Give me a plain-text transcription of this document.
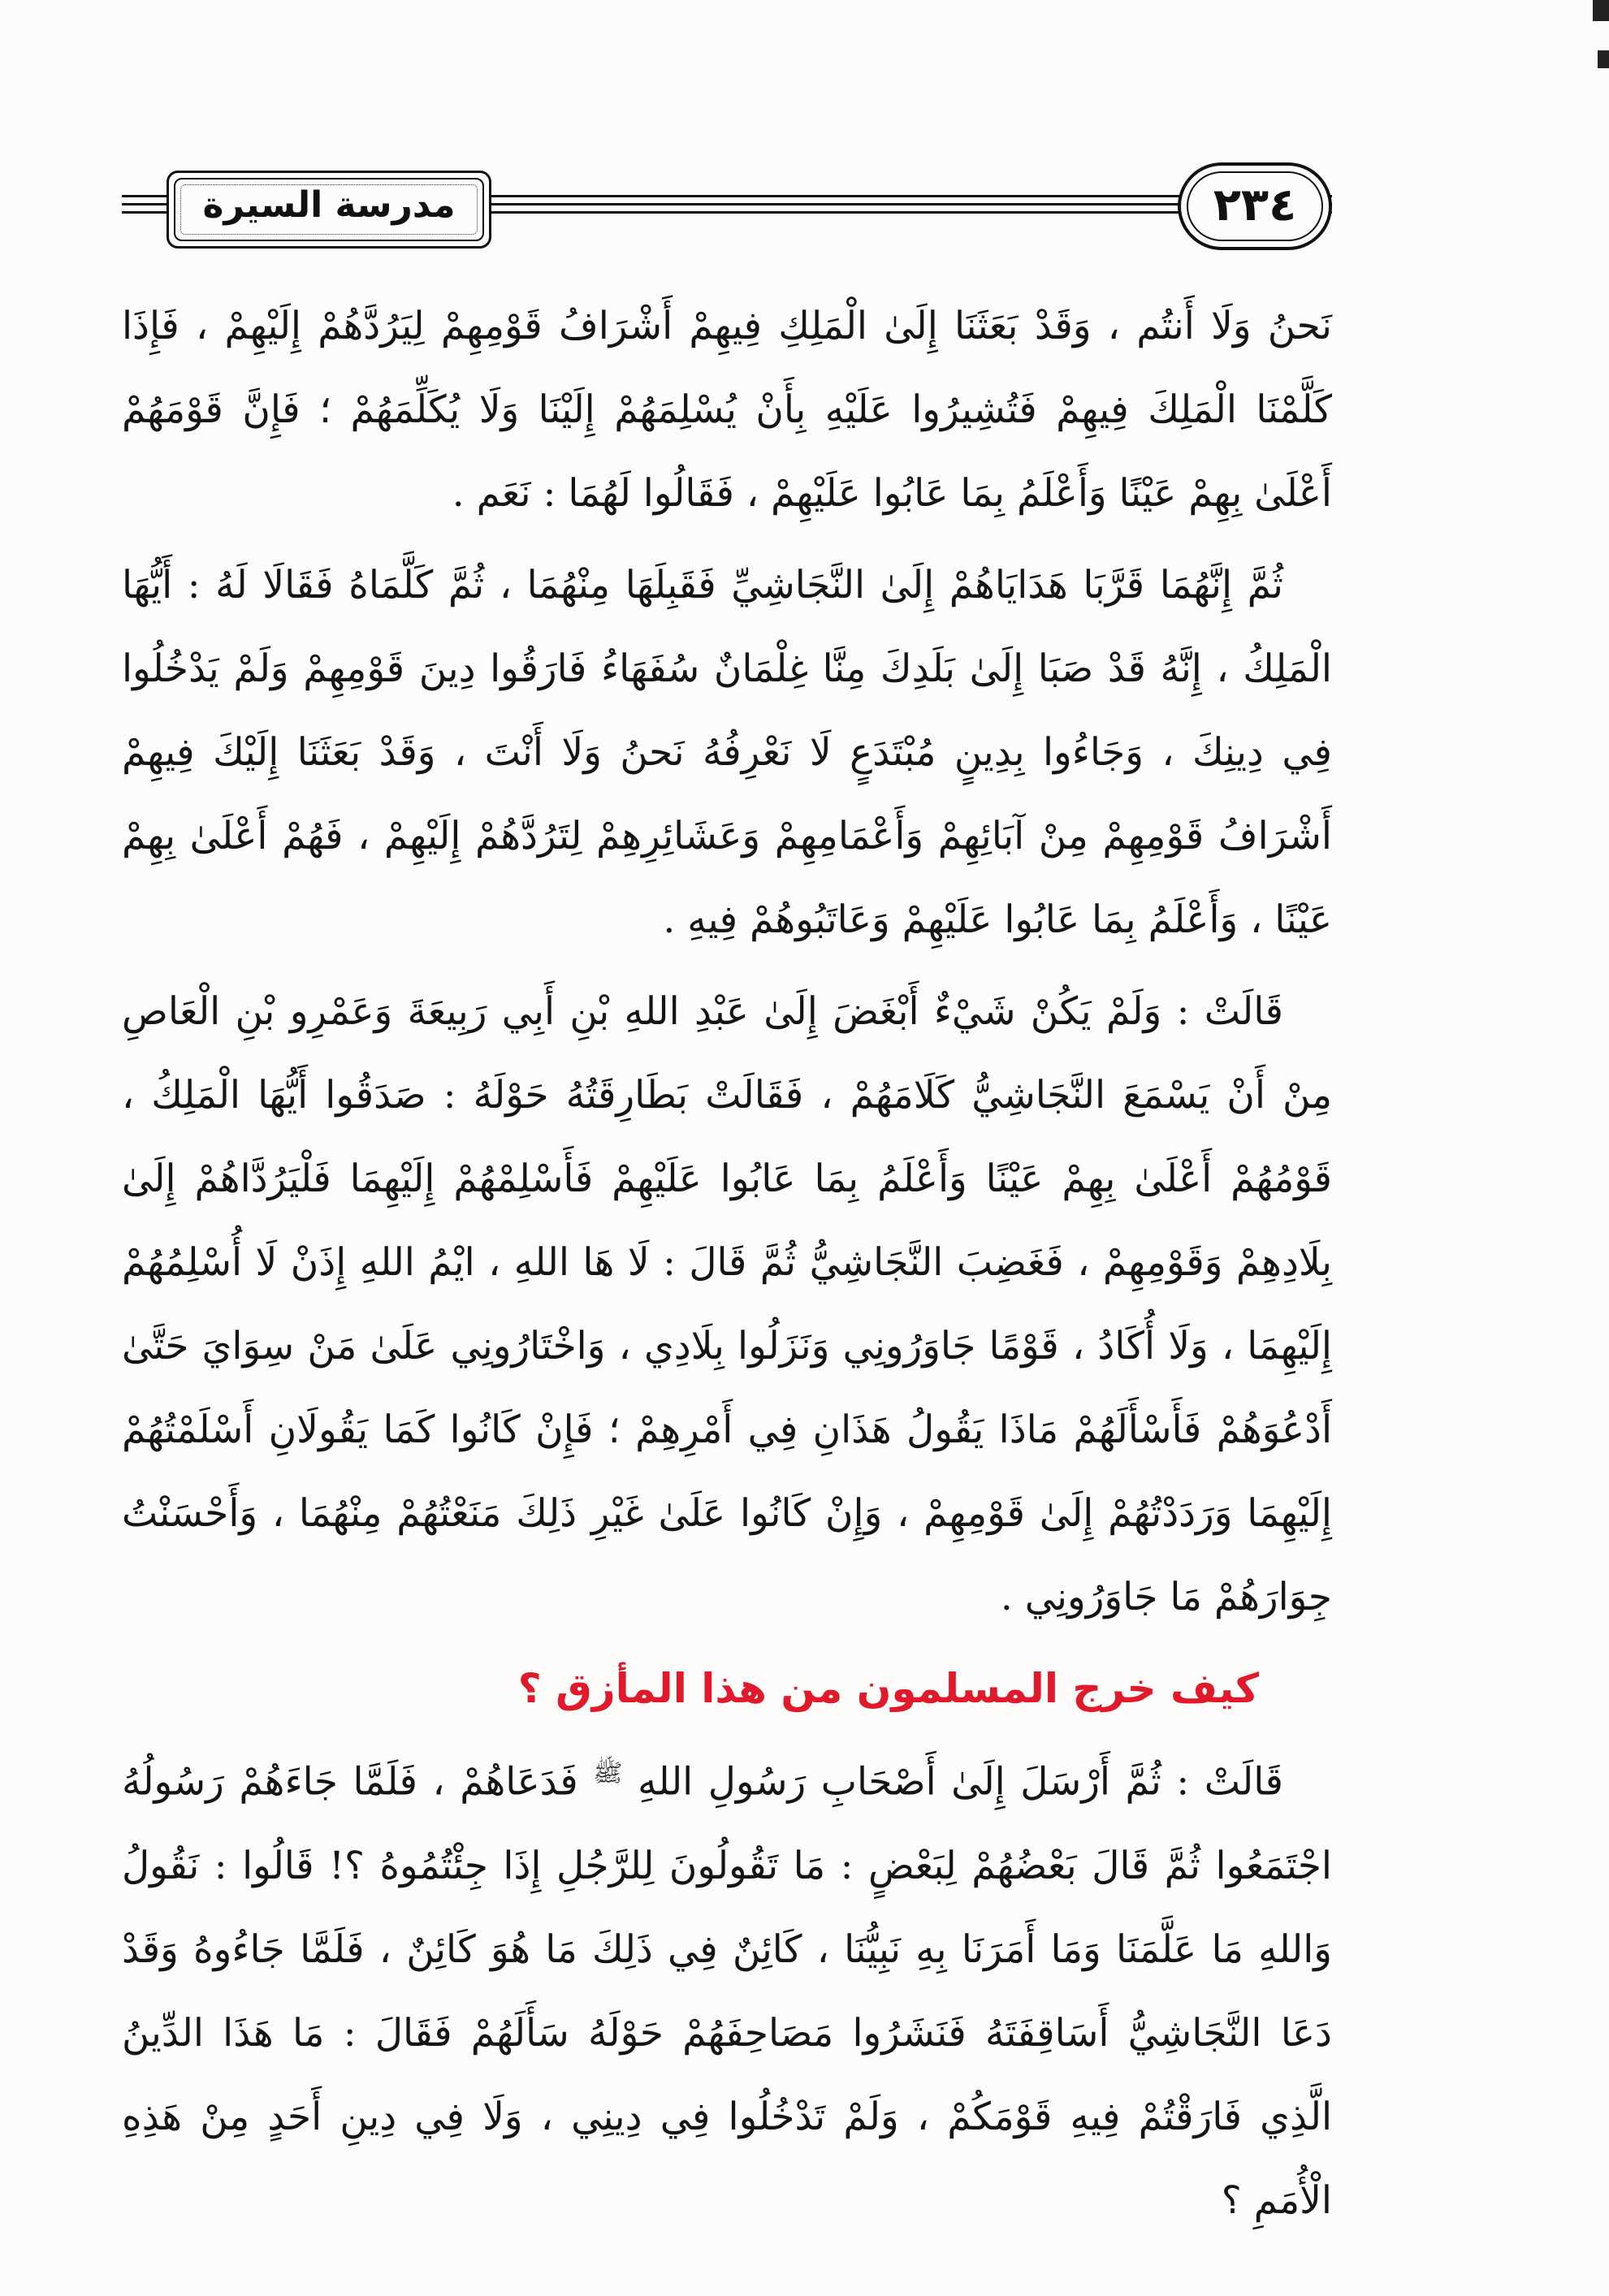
مدرسة السيرة	٢٣٤

نَحنُ وَلَا أَنتُم ، وَقَدْ بَعَثَنَا إِلَىٰ الْمَلِكِ فِيهِمْ أَشْرَافُ قَوْمِهِمْ لِيَرُدَّهُمْ إِلَيْهِمْ ، فَإِذَا كَلَّمْنَا الْمَلِكَ فِيهِمْ فَتُشِيرُوا عَلَيْهِ بِأَنْ يُسْلِمَهُمْ إِلَيْنَا وَلَا يُكَلِّمَهُمْ ؛ فَإِنَّ قَوْمَهُمْ أَعْلَىٰ بِهِمْ عَيْنًا وَأَعْلَمُ بِمَا عَابُوا عَلَيْهِمْ ، فَقَالُوا لَهُمَا : نَعَم .

ثُمَّ إِنَّهُمَا قَرَّبَا هَدَايَاهُمْ إِلَىٰ النَّجَاشِيِّ فَقَبِلَهَا مِنْهُمَا ، ثُمَّ كَلَّمَاهُ فَقَالَا لَهُ : أَيُّهَا الْمَلِكُ ، إِنَّهُ قَدْ صَبَا إِلَىٰ بَلَدِكَ مِنَّا غِلْمَانٌ سُفَهَاءُ فَارَقُوا دِينَ قَوْمِهِمْ وَلَمْ يَدْخُلُوا فِي دِينِكَ ، وَجَاءُوا بِدِينٍ مُبْتَدَعٍ لَا نَعْرِفُهُ نَحنُ وَلَا أَنْتَ ، وَقَدْ بَعَثَنَا إِلَيْكَ فِيهِمْ أَشْرَافُ قَوْمِهِمْ مِنْ آبَائِهِمْ وَأَعْمَامِهِمْ وَعَشَائِرِهِمْ لِتَرُدَّهُمْ إِلَيْهِمْ ، فَهُمْ أَعْلَىٰ بِهِمْ عَيْنًا ، وَأَعْلَمُ بِمَا عَابُوا عَلَيْهِمْ وَعَاتَبُوهُمْ فِيهِ .

قَالَتْ : وَلَمْ يَكُنْ شَيْءٌ أَبْغَضَ إِلَىٰ عَبْدِ اللهِ بْنِ أَبِي رَبِيعَةَ وَعَمْرِو بْنِ الْعَاصِ مِنْ أَنْ يَسْمَعَ النَّجَاشِيُّ كَلَامَهُمْ ، فَقَالَتْ بَطَارِقَتُهُ حَوْلَهُ : صَدَقُوا أَيُّهَا الْمَلِكُ ، قَوْمُهُمْ أَعْلَىٰ بِهِمْ عَيْنًا وَأَعْلَمُ بِمَا عَابُوا عَلَيْهِمْ فَأَسْلِمْهُمْ إِلَيْهِمَا فَلْيَرُدَّاهُمْ إِلَىٰ بِلَادِهِمْ وَقَوْمِهِمْ ، فَغَضِبَ النَّجَاشِيُّ ثُمَّ قَالَ : لَا هَا اللهِ ، ايْمُ اللهِ إِذَنْ لَا أُسْلِمُهُمْ إِلَيْهِمَا ، وَلَا أُكَادُ ، قَوْمًا جَاوَرُونِي وَنَزَلُوا بِلَادِي ، وَاخْتَارُونِي عَلَىٰ مَنْ سِوَايَ حَتَّىٰ أَدْعُوَهُمْ فَأَسْأَلَهُمْ مَاذَا يَقُولُ هَذَانِ فِي أَمْرِهِمْ ؛ فَإِنْ كَانُوا كَمَا يَقُولَانِ أَسْلَمْتُهُمْ إِلَيْهِمَا وَرَدَدْتُهُمْ إِلَىٰ قَوْمِهِمْ ، وَإِنْ كَانُوا عَلَىٰ غَيْرِ ذَلِكَ مَنَعْتُهُمْ مِنْهُمَا ، وَأَحْسَنْتُ جِوَارَهُمْ مَا جَاوَرُونِي .

كيف خرج المسلمون من هذا المأزق ؟

قَالَتْ : ثُمَّ أَرْسَلَ إِلَىٰ أَصْحَابِ رَسُولِ اللهِ $^ﷺ$ فَدَعَاهُمْ ، فَلَمَّا جَاءَهُمْ رَسُولُهُ اجْتَمَعُوا ثُمَّ قَالَ بَعْضُهُمْ لِبَعْضٍ : مَا تَقُولُونَ لِلرَّجُلِ إِذَا جِئْتُمُوهُ ؟! قَالُوا : نَقُولُ وَاللهِ مَا عَلَّمَنَا وَمَا أَمَرَنَا بِهِ نَبِيُّنَا ، كَائِنٌ فِي ذَلِكَ مَا هُوَ كَائِنٌ ، فَلَمَّا جَاءُوهُ وَقَدْ دَعَا النَّجَاشِيُّ أَسَاقِفَتَهُ فَنَشَرُوا مَصَاحِفَهُمْ حَوْلَهُ سَأَلَهُمْ فَقَالَ : مَا هَذَا الدِّينُ الَّذِي فَارَقْتُمْ فِيهِ قَوْمَكُمْ ، وَلَمْ تَدْخُلُوا فِي دِينِي ، وَلَا فِي دِينِ أَحَدٍ مِنْ هَذِهِ الْأُمَمِ ؟
